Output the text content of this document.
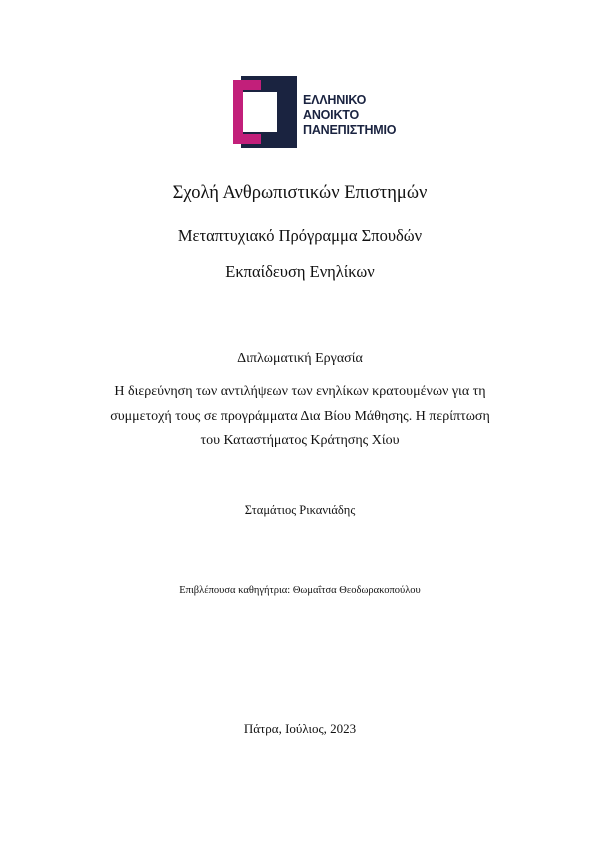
ΕΛΛΗΝΙΚΟ
ΑΝΟΙΚΤΟ
ΠΑΝΕΠΙΣΤΗΜΙΟ
Σχολή Ανθρωπιστικών Επιστημών
Μεταπτυχιακό Πρόγραμμα Σπουδών
Εκπαίδευση Ενηλίκων
Διπλωματική Εργασία
Η διερεύνηση των αντιλήψεων των ενηλίκων κρατουμένων για τη
συμμετοχή τους σε προγράμματα Δια Βίου Μάθησης. Η περίπτωση
του Καταστήματος Κράτησης Χίου
Σταμάτιος Ρικανιάδης
Επιβλέπουσα καθηγήτρια: Θωμαΐτσα Θεοδωρακοπούλου
Πάτρα, Ιούλιος, 2023
